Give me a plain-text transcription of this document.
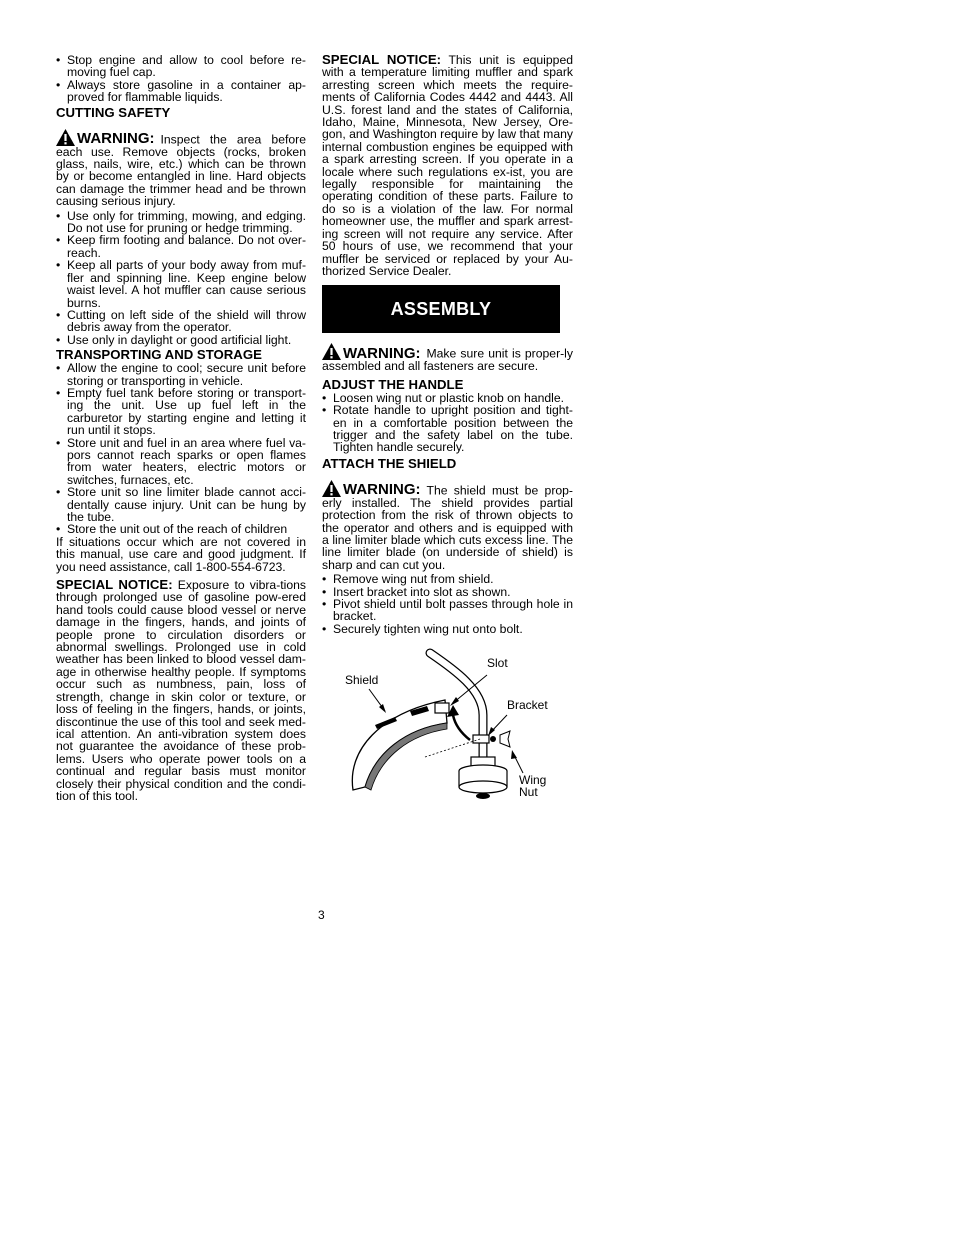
• Stop engine and allow to cool before re-moving fuel cap.
• Always store gasoline in a container ap-proved for flammable liquids.
CUTTING SAFETY

WARNING: Inspect the area before each use. Remove objects (rocks, broken glass, nails, wire, etc.) which can be thrown by or become entangled in line. Hard objects can damage the trimmer head and be thrown causing serious injury.

• Use only for trimming, mowing, and edging. Do not use for pruning or hedge trimming.
• Keep firm footing and balance. Do not over-reach.
• Keep all parts of your body away from muf-fler and spinning line. Keep engine below waist level. A hot muffler can cause serious burns.
• Cutting on left side of the shield will throw debris away from the operator.
• Use only in daylight or good artificial light.
TRANSPORTING AND STORAGE
• Allow the engine to cool; secure unit before storing or transporting in vehicle.
• Empty fuel tank before storing or transport-ing the unit. Use up fuel left in the carburetor by starting engine and letting it run until it stops.
• Store unit and fuel in an area where fuel va-pors cannot reach sparks or open flames from water heaters, electric motors or switches, furnaces, etc.
• Store unit so line limiter blade cannot acci-dentally cause injury. Unit can be hung by the tube.
• Store the unit out of the reach of children

If situations occur which are not covered in this manual, use care and good judgment. If you need assistance, call 1-800-554-6723.

SPECIAL NOTICE: Exposure to vibra-tions through prolonged use of gasoline pow-ered hand tools could cause blood vessel or nerve damage in the fingers, hands, and joints of people prone to circulation disorders or abnormal swellings. Prolonged use in cold weather has been linked to blood vessel dam-age in otherwise healthy people. If symptoms occur such as numbness, pain, loss of strength, change in skin color or texture, or loss of feeling in the fingers, hands, or joints, discontinue the use of this tool and seek med-ical attention. An anti-vibration system does not guarantee the avoidance of these prob-lems. Users who operate power tools on a continual and regular basis must monitor closely their physical condition and the condi-tion of this tool.

SPECIAL NOTICE: This unit is equipped with a temperature limiting muffler and spark arresting screen which meets the require-ments of California Codes 4442 and 4443. All U.S. forest land and the states of California, Idaho, Maine, Minnesota, New Jersey, Ore-gon, and Washington require by law that many internal combustion engines be equipped with a spark arresting screen. If you operate in a locale where such regulations ex-ist, you are legally responsible for maintaining the operating condition of these parts. Failure to do so is a violation of the law. For normal homeowner use, the muffler and spark arrest-ing screen will not require any service. After 50 hours of use, we recommend that your muffler be serviced or replaced by your Au-thorized Service Dealer.

ASSEMBLY

WARNING: Make sure unit is proper-ly assembled and all fasteners are secure.

ADJUST THE HANDLE
• Loosen wing nut or plastic knob on handle.
• Rotate handle to upright position and tight-en in a comfortable position between the trigger and the safety label on the tube. Tighten handle securely.
ATTACH THE SHIELD

WARNING: The shield must be prop-erly installed. The shield provides partial protection from the risk of thrown objects to the operator and others and is equipped with a line limiter blade which cuts excess line. The line limiter blade (on underside of shield) is sharp and can cut you.

• Remove wing nut from shield.
• Insert bracket into slot as shown.
• Pivot shield until bolt passes through hole in bracket.
• Securely tighten wing nut onto bolt.
Shield
Slot
Bracket
Wing
Nut
3
